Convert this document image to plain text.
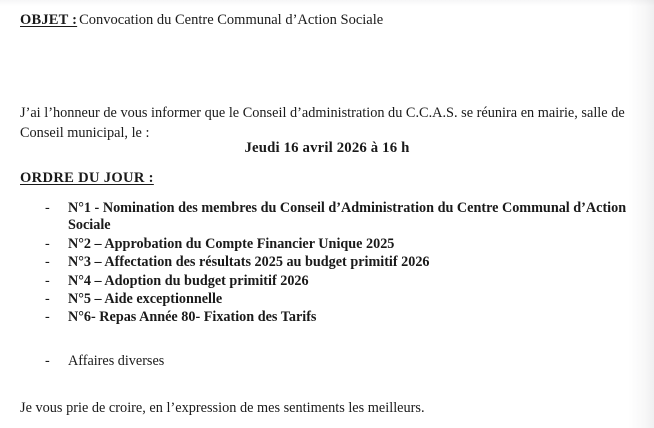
OBJET : Convocation du Centre Communal d’Action Sociale

J’ai l’honneur de vous informer que le Conseil d’administration du C.C.A.S. se réunira en mairie, salle de Conseil municipal, le :

Jeudi 16 avril 2026 à 16 h
ORDRE DU JOUR :
- N°1 - Nomination des membres du Conseil d’Administration du Centre Communal d’Action Sociale
- N°2 – Approbation du Compte Financier Unique 2025
- N°3 – Affectation des résultats 2025 au budget primitif 2026
- N°4 – Adoption du budget primitif 2026
- N°5 – Aide exceptionnelle
- N°6- Repas Année 80- Fixation des Tarifs
- Affaires diverses

Je vous prie de croire, en l’expression de mes sentiments les meilleurs.
